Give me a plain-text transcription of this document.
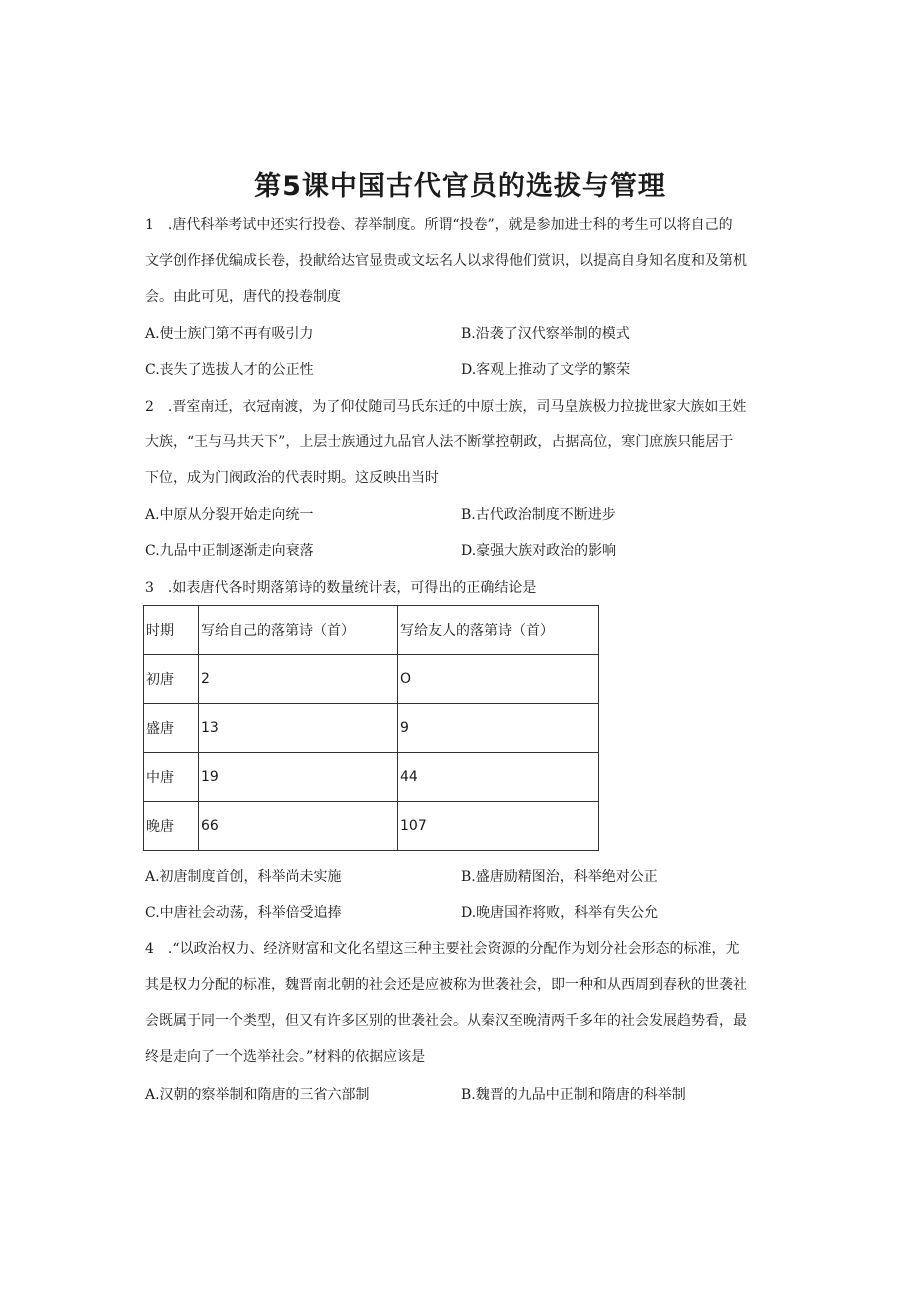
第5课中国古代官员的选拔与管理
1　.唐代科举考试中还实行投卷、荐举制度。所谓“投卷”，就是参加进士科的考生可以将自己的
文学创作择优编成长卷，投献给达官显贵或文坛名人以求得他们赏识，以提高自身知名度和及第机
会。由此可见，唐代的投卷制度
A.使士族门第不再有吸引力	B.沿袭了汉代察举制的模式
C.丧失了选拔人才的公正性	D.客观上推动了文学的繁荣
2　.晋室南迁，衣冠南渡，为了仰仗随司马氏东迁的中原士族，司马皇族极力拉拢世家大族如王姓
大族，“王与马共天下”，上层士族通过九品官人法不断掌控朝政，占据高位，寒门庶族只能居于
下位，成为门阀政治的代表时期。这反映出当时
A.中原从分裂开始走向统一	B.古代政治制度不断进步
C.九品中正制逐渐走向衰落	D.豪强大族对政治的影响
3　.如表唐代各时期落第诗的数量统计表，可得出的正确结论是
时期	写给自己的落第诗（首）	写给友人的落第诗（首）
初唐	2	O
盛唐	13	9
中唐	19	44
晚唐	66	107
A.初唐制度首创，科举尚未实施	B.盛唐励精图治，科举绝对公正
C.中唐社会动荡，科举倍受追捧	D.晚唐国祚将败，科举有失公允
4　.“以政治权力、经济财富和文化名望这三种主要社会资源的分配作为划分社会形态的标准，尤
其是权力分配的标准，魏晋南北朝的社会还是应被称为世袭社会，即一种和从西周到春秋的世袭社
会既属于同一个类型，但又有许多区别的世袭社会。从秦汉至晚清两千多年的社会发展趋势看，最
终是走向了一个选举社会。”材料的依据应该是
A.汉朝的察举制和隋唐的三省六部制	B.魏晋的九品中正制和隋唐的科举制
